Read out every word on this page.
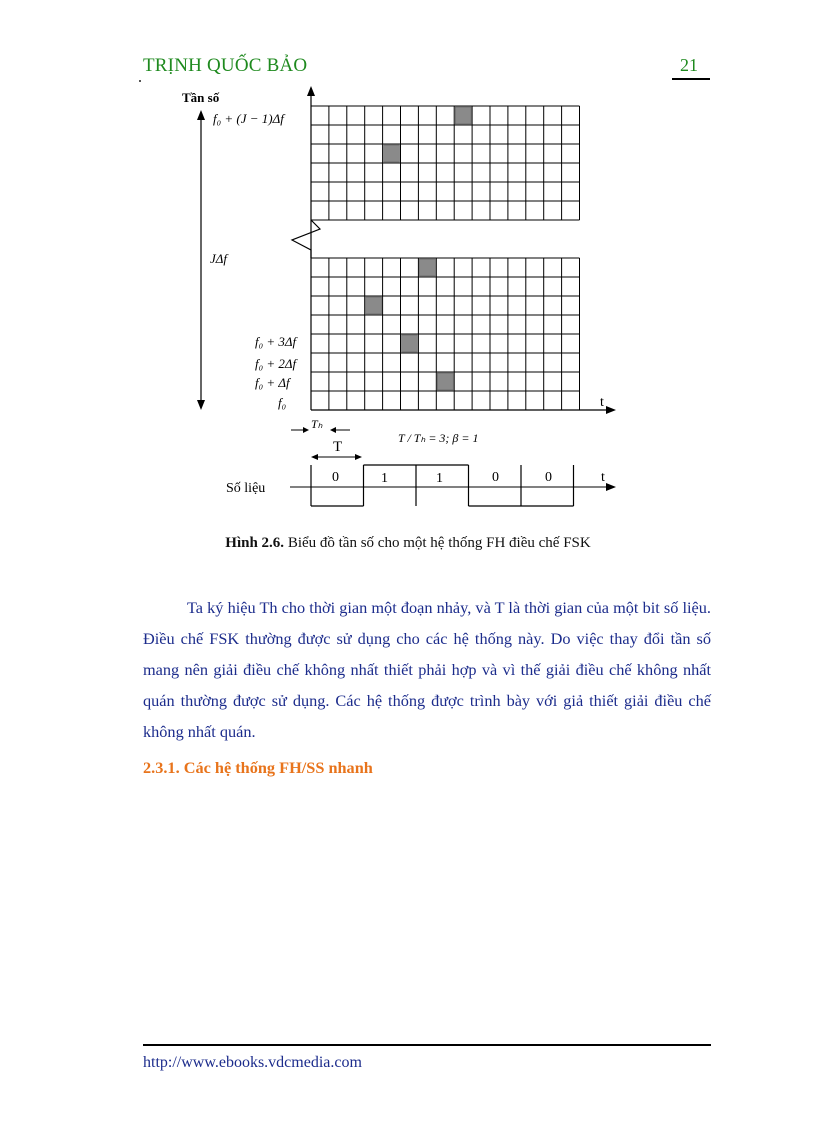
TRỊNH QUỐC BẢO	21
Tần số
f₀ + (J − 1)Δf
JΔf
f₀ + 3Δf
f₀ + 2Δf
f₀ + Δf
f₀	t
Tₕ
T
T / Tₕ = 3; β = 1
Số liệu
t
0	1	1	0	0
Hình 2.6. Biểu đồ tần số cho một hệ thống FH điều chế FSK

Ta ký hiệu Th cho thời gian một đoạn nhảy, và T là thời gian của một bit số liệu. Điều chế FSK thường được sử dụng cho các hệ thống này. Do việc thay đổi tần số mang nên giải điều chế không nhất thiết phải hợp và vì thế giải điều chế không nhất quán thường được sử dụng. Các hệ thống được trình bày với giả thiết giải điều chế không nhất quán.

2.3.1. Các hệ thống FH/SS nhanh
http://www.ebooks.vdcmedia.com
